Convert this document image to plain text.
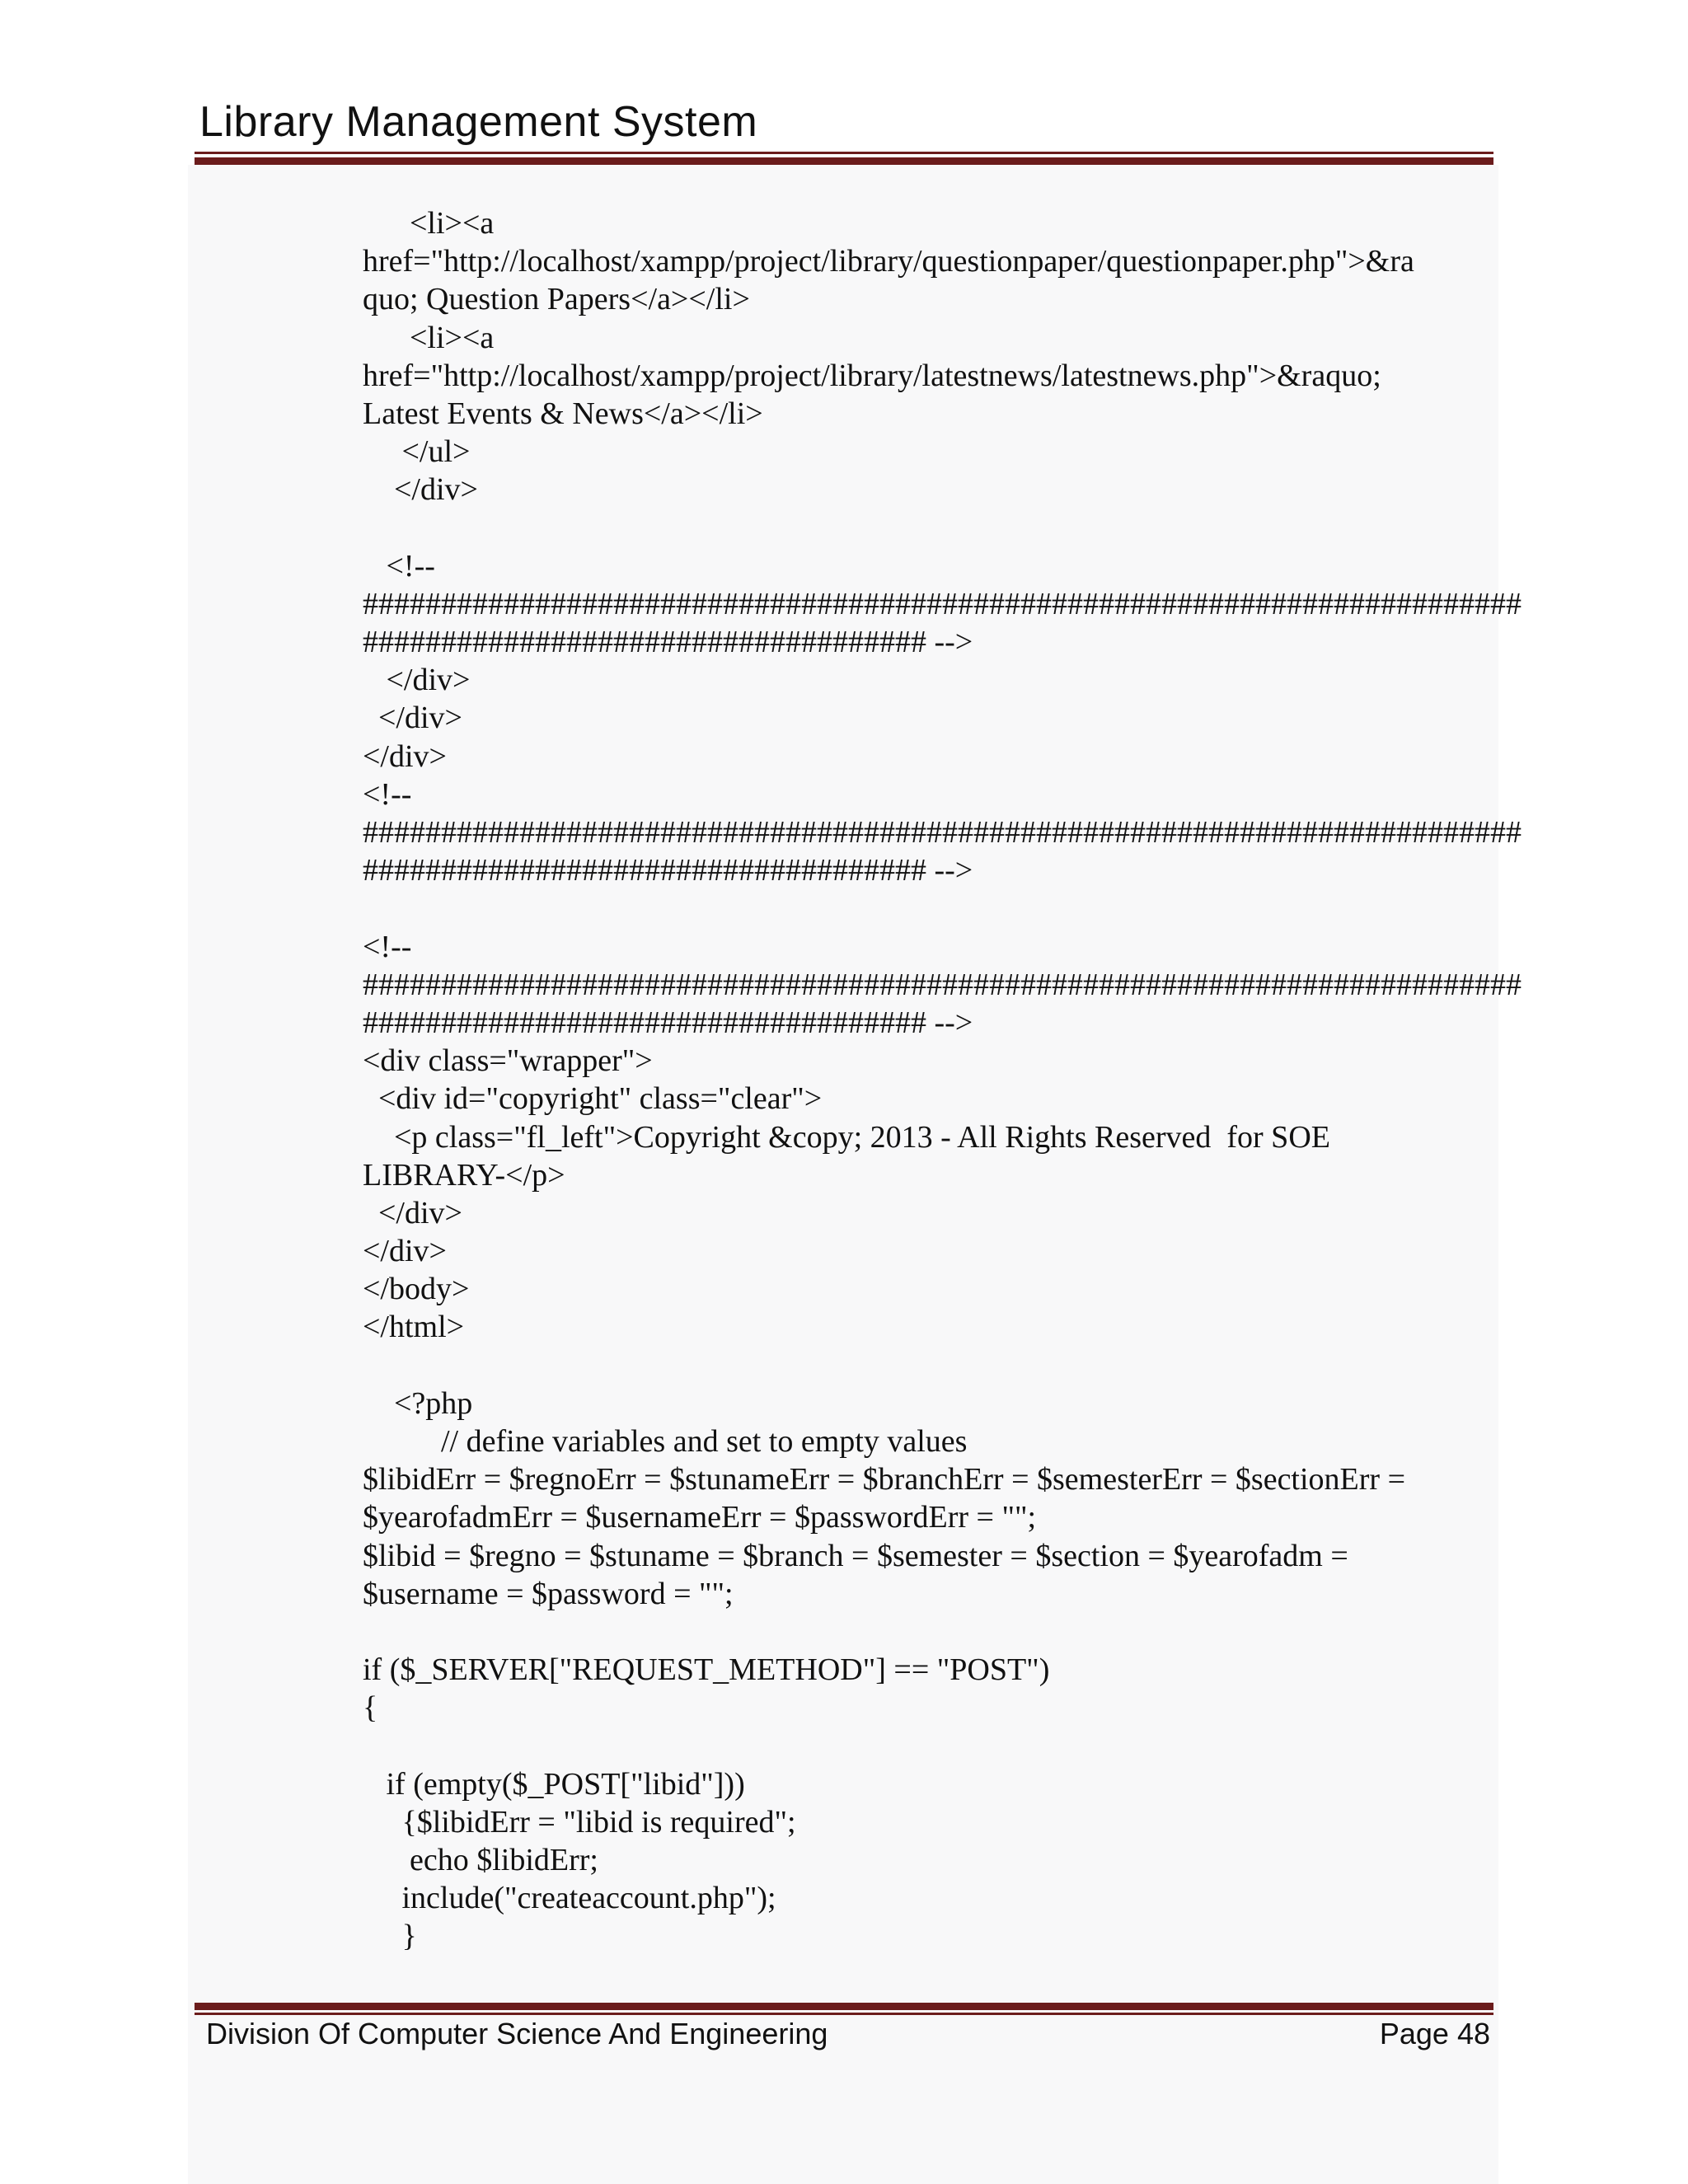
Library Management System
<li><a
href="http://localhost/xampp/project/library/questionpaper/questionpaper.php">&ra
quo; Question Papers</a></li>
<li><a
href="http://localhost/xampp/project/library/latestnews/latestnews.php">&raquo;
Latest Events & News</a></li>
</ul>
</div>
<!--
##########################################################################
#################################### -->
</div>
</div>
</div>
<!--
##########################################################################
#################################### -->
<!--
##########################################################################
#################################### -->
<div class="wrapper">
<div id="copyright" class="clear">
<p class="fl_left">Copyright &copy; 2013 - All Rights Reserved  for SOE
LIBRARY-</p>
</div>
</div>
</body>
</html>
<?php
// define variables and set to empty values
$libidErr = $regnoErr = $stunameErr = $branchErr = $semesterErr = $sectionErr =
$yearofadmErr = $usernameErr = $passwordErr = "";
$libid = $regno = $stuname = $branch = $semester = $section = $yearofadm =
$username = $password = "";
if ($_SERVER["REQUEST_METHOD"] == "POST")
{
if (empty($_POST["libid"]))
{$libidErr = "libid is required";
echo $libidErr;
include("createaccount.php");
}
Division Of Computer Science And Engineering	Page 48
